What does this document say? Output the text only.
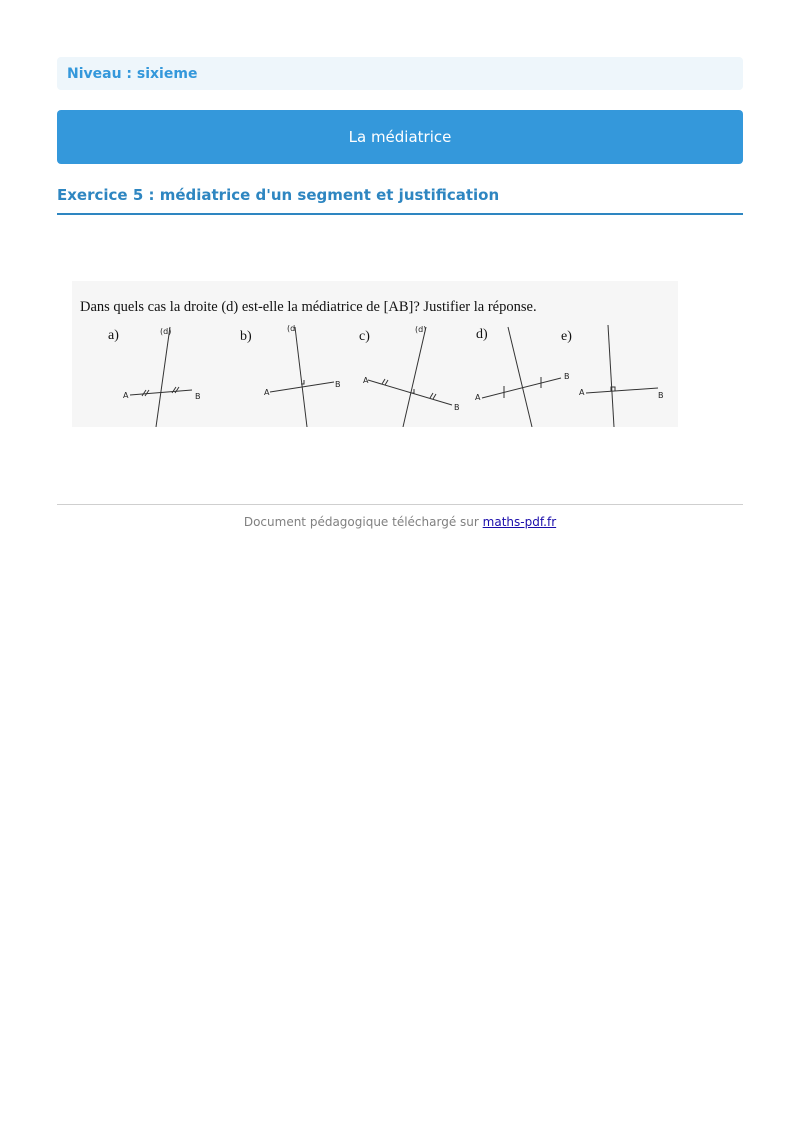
Niveau : sixieme
La médiatrice
Exercice 5 : médiatrice d'un segment et justification
Dans quels cas la droite (d) est-elle la médiatrice de [AB]? Justifier la réponse.
a)	b)	c)	d)	e)
(d)	(d	(d)
A	B	A
B	A
B
A
B
A	B
Document pédagogique téléchargé sur maths-pdf.fr
